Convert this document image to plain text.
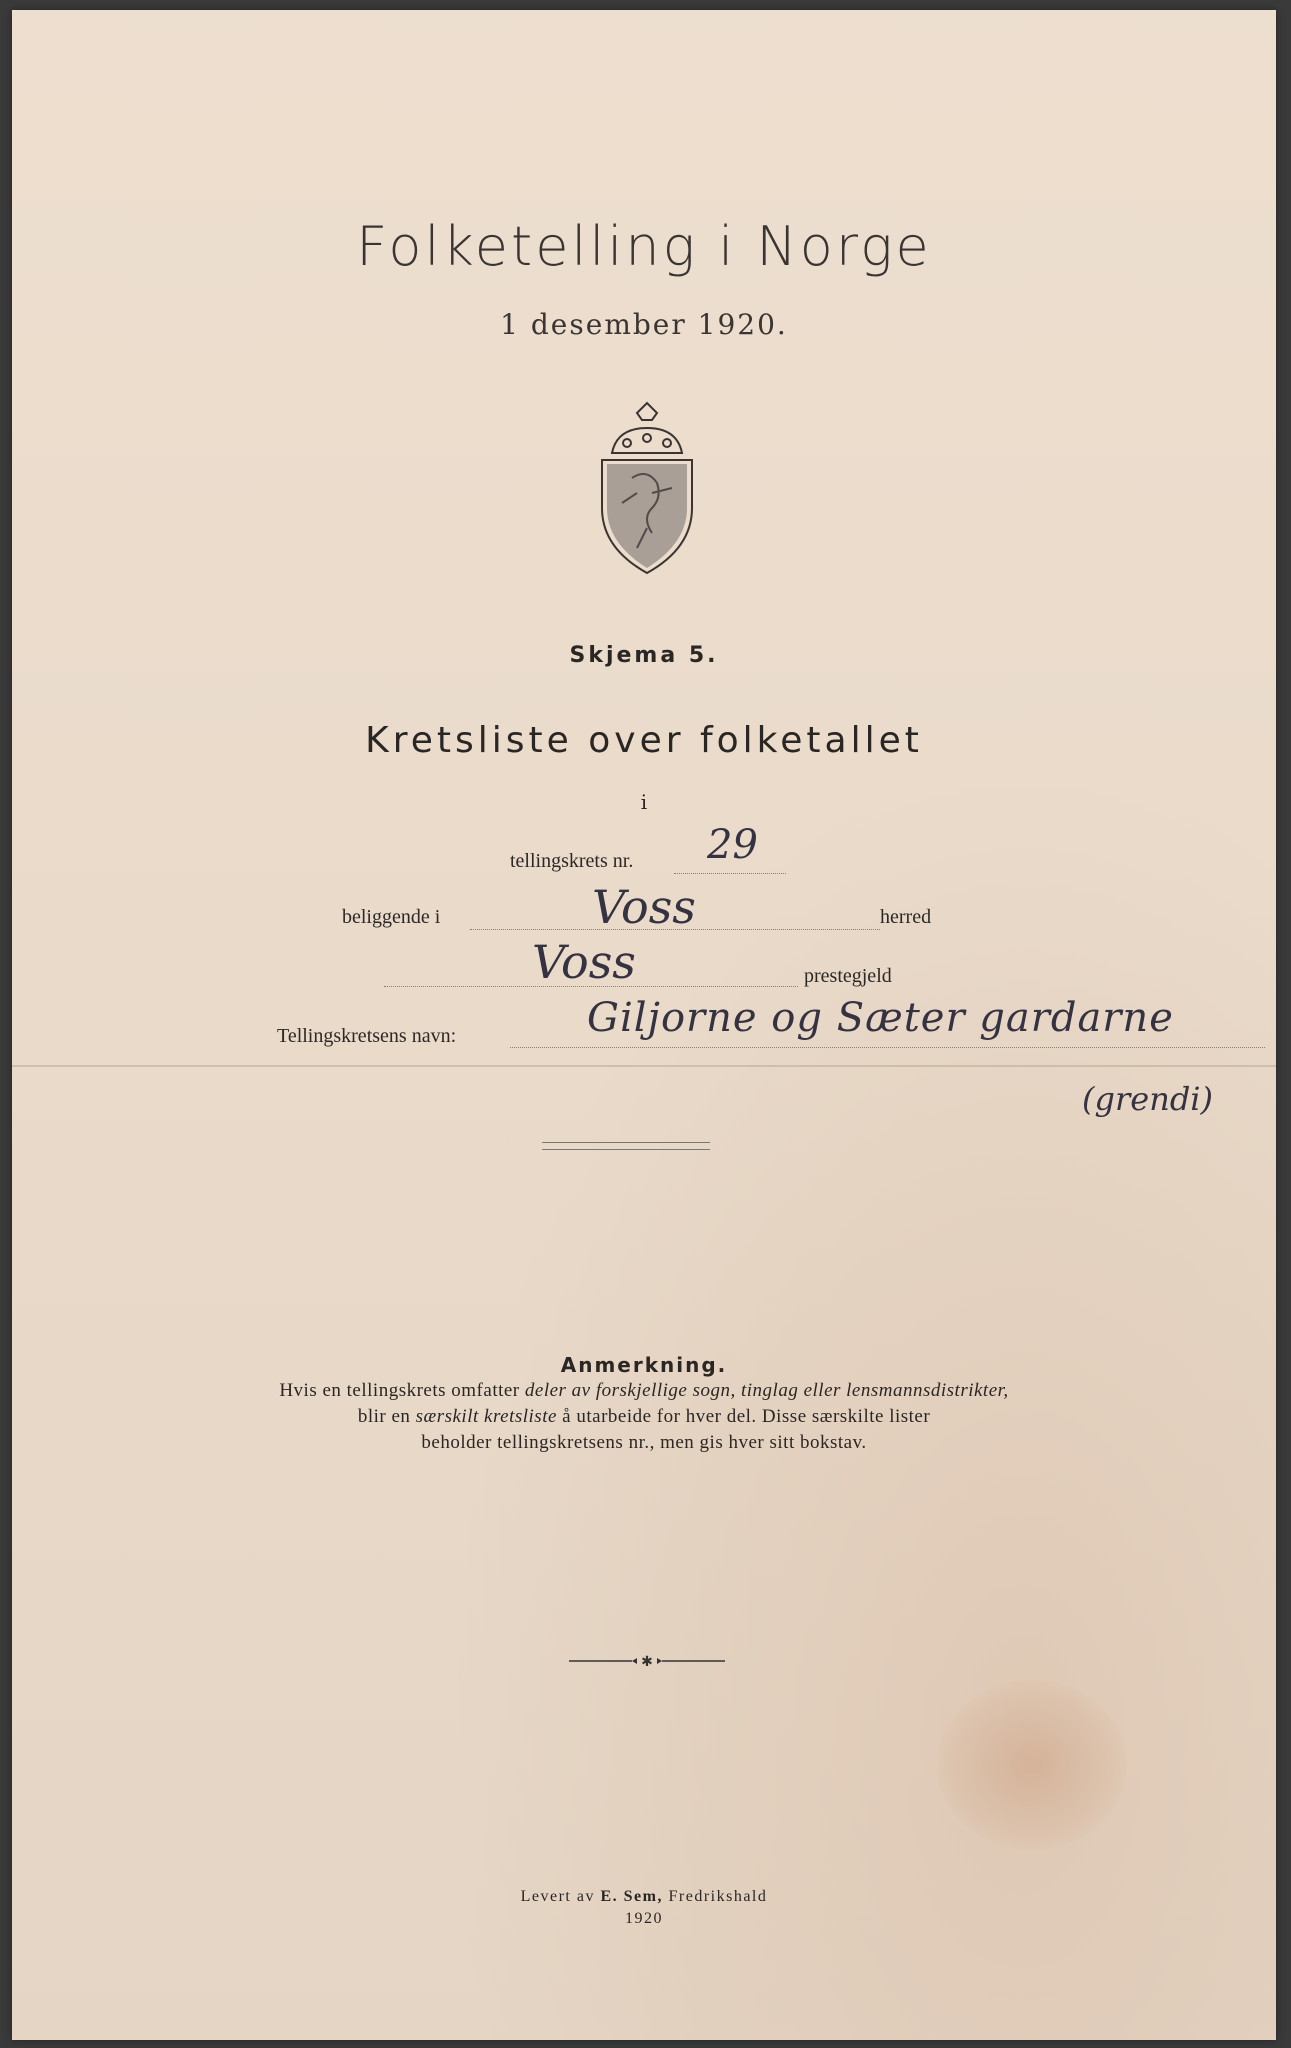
Folketelling i Norge
1 desember 1920.
Skjema 5.
Kretsliste over folketallet
i
tellingskrets nr. 29
beliggende i	Voss	herred
Voss	prestegjeld
Tellingskretsens navn:	Giljorne og Sæter gardarne
(grendi)
Anmerkning.
Hvis en tellingskrets omfatter deler av forskjellige sogn, tinglag eller lensmannsdistrikter,
blir en særskilt kretsliste å utarbeide for hver del. Disse særskilte lister
beholder tellingskretsens nr., men gis hver sitt bokstav.
✱
Levert av E. Sem, Fredrikshald
1920
